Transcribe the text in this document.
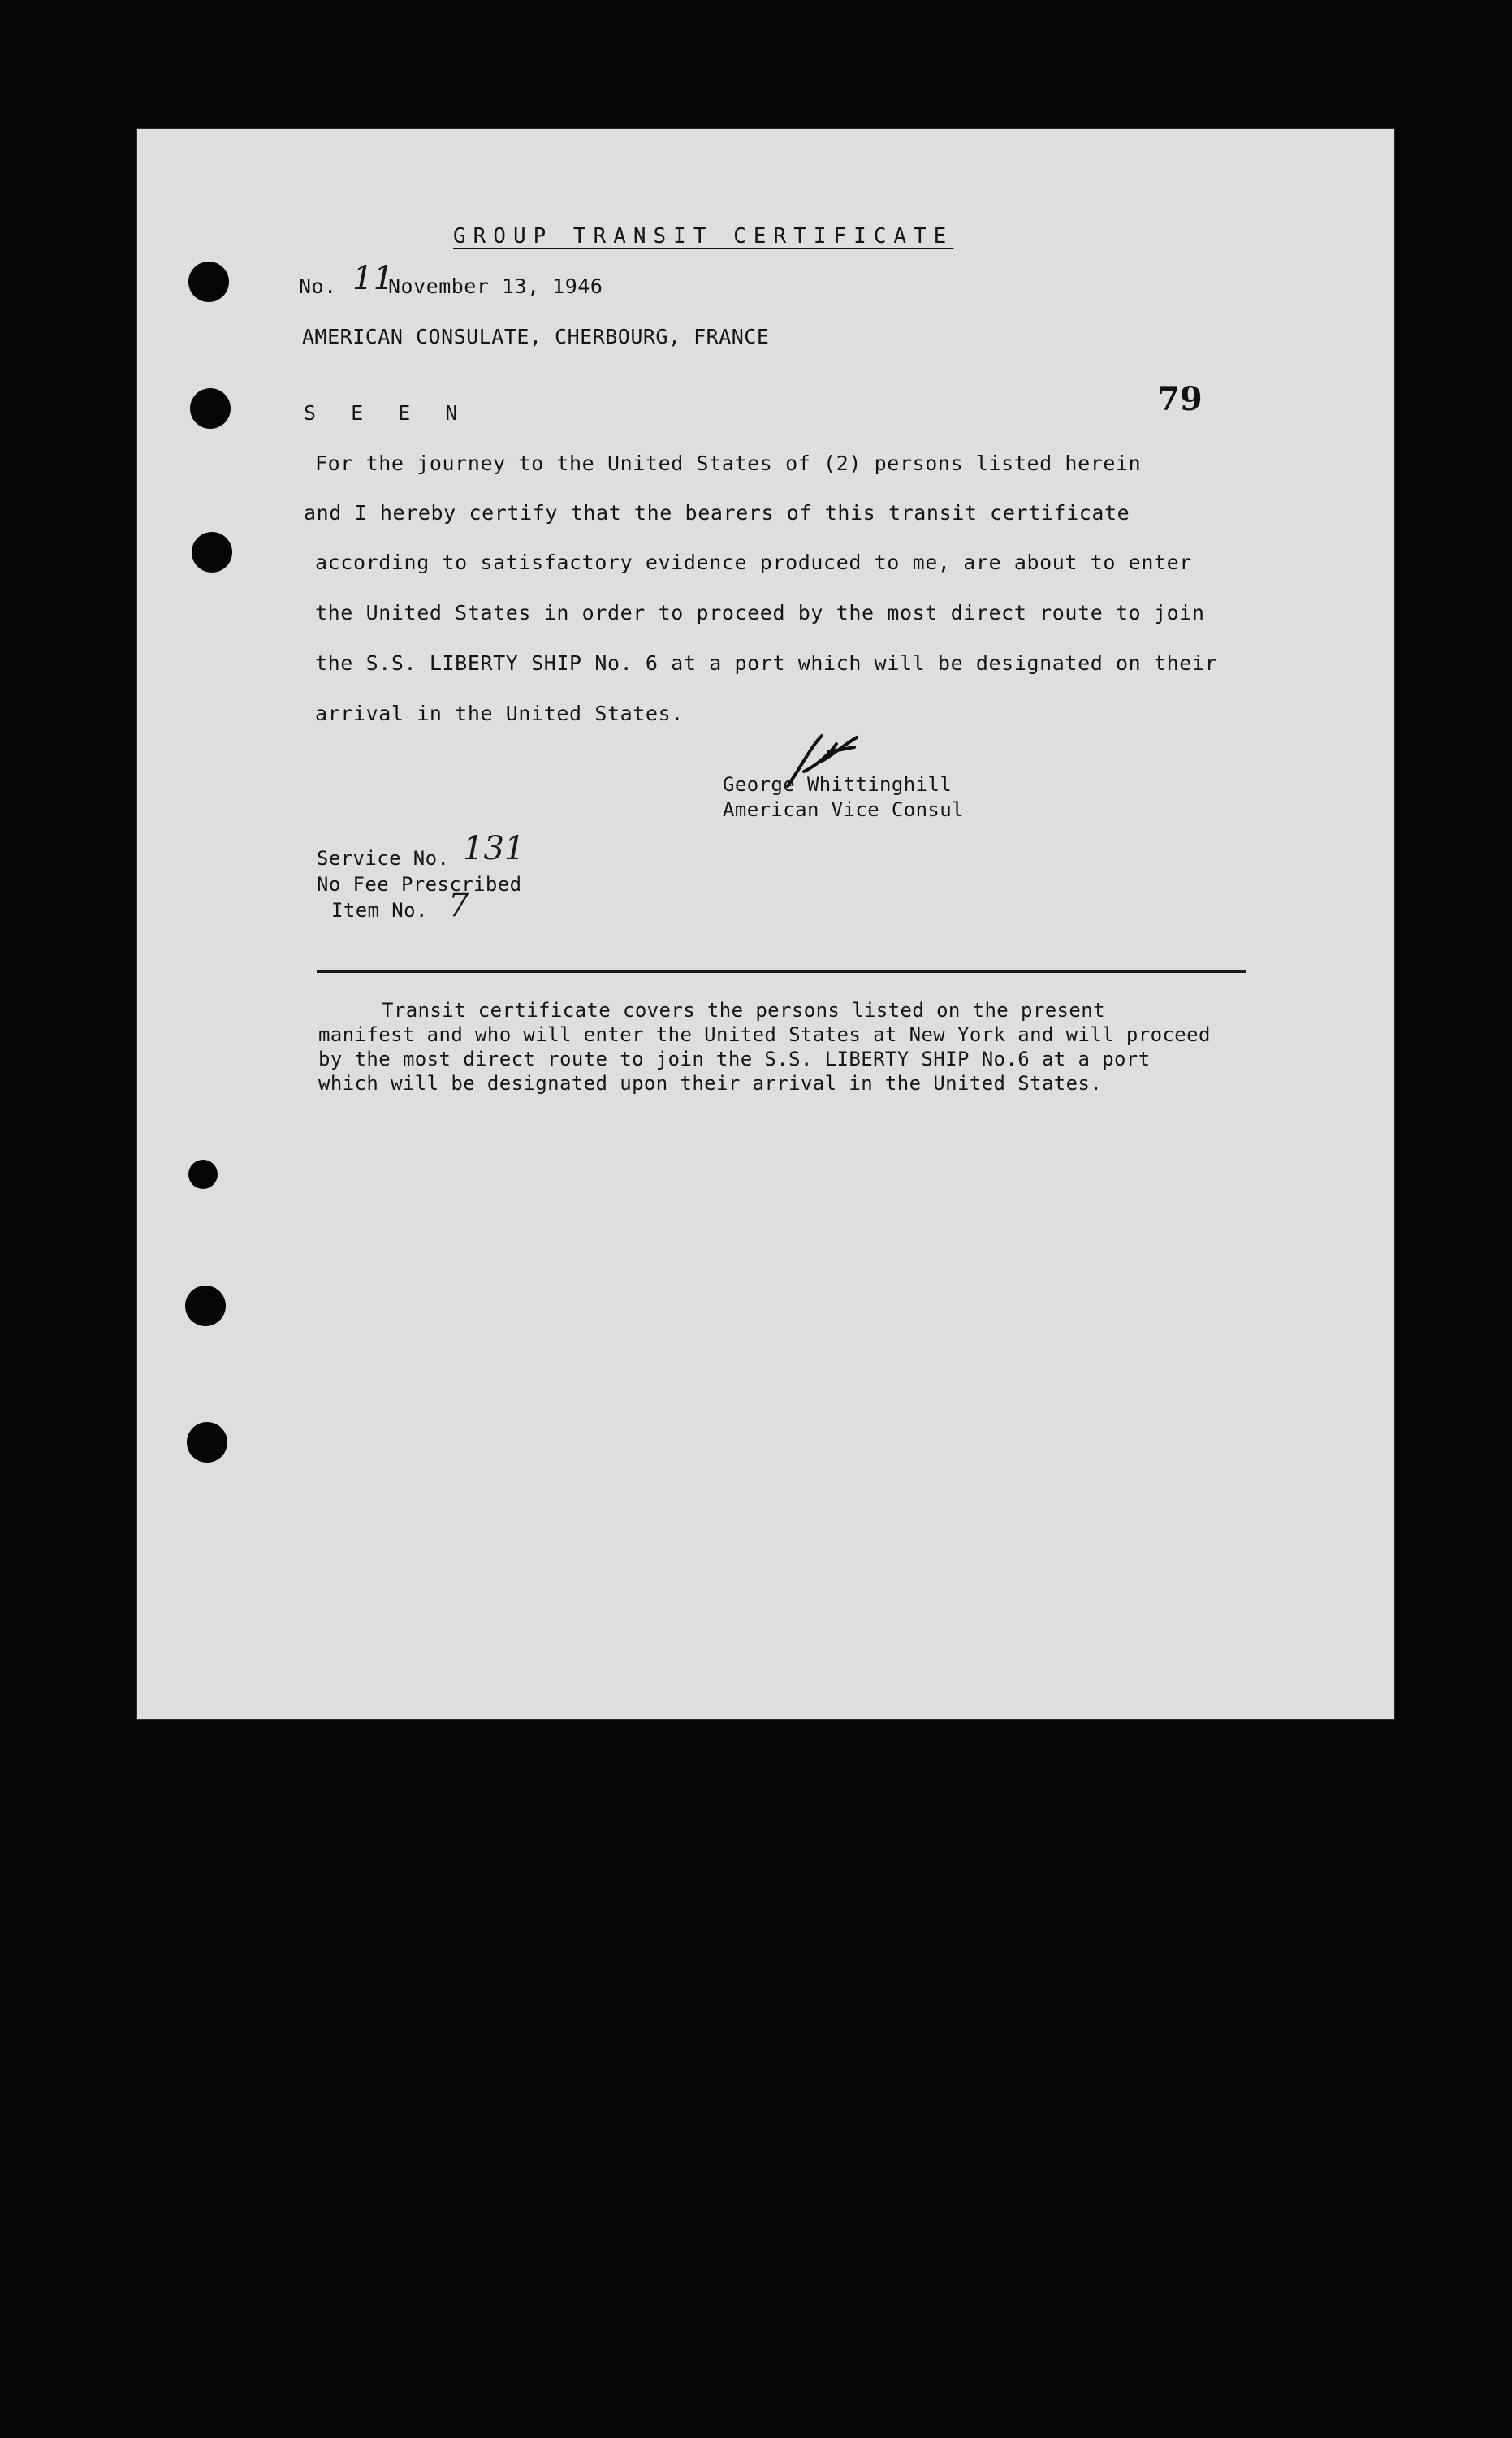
GROUP TRANSIT CERTIFICATE
No. 11
November 13, 1946
AMERICAN CONSULATE, CHERBOURG, FRANCE
S E E N	79
For the journey to the United States of (2) persons listed herein
and I hereby certify that the bearers of this transit certificate
according to satisfactory evidence produced to me, are about to enter
the United States in order to proceed by the most direct route to join
the S.S. LIBERTY SHIP No. 6 at a port which will be designated on their
arrival in the United States.
George Whittinghill
American Vice Consul
Service No. 131
No Fee Prescribed
Item No. 7
Transit certificate covers the persons listed on the present
manifest and who will enter the United States at New York and will proceed
by the most direct route to join the S.S. LIBERTY SHIP No.6 at a port
which will be designated upon their arrival in the United States.
